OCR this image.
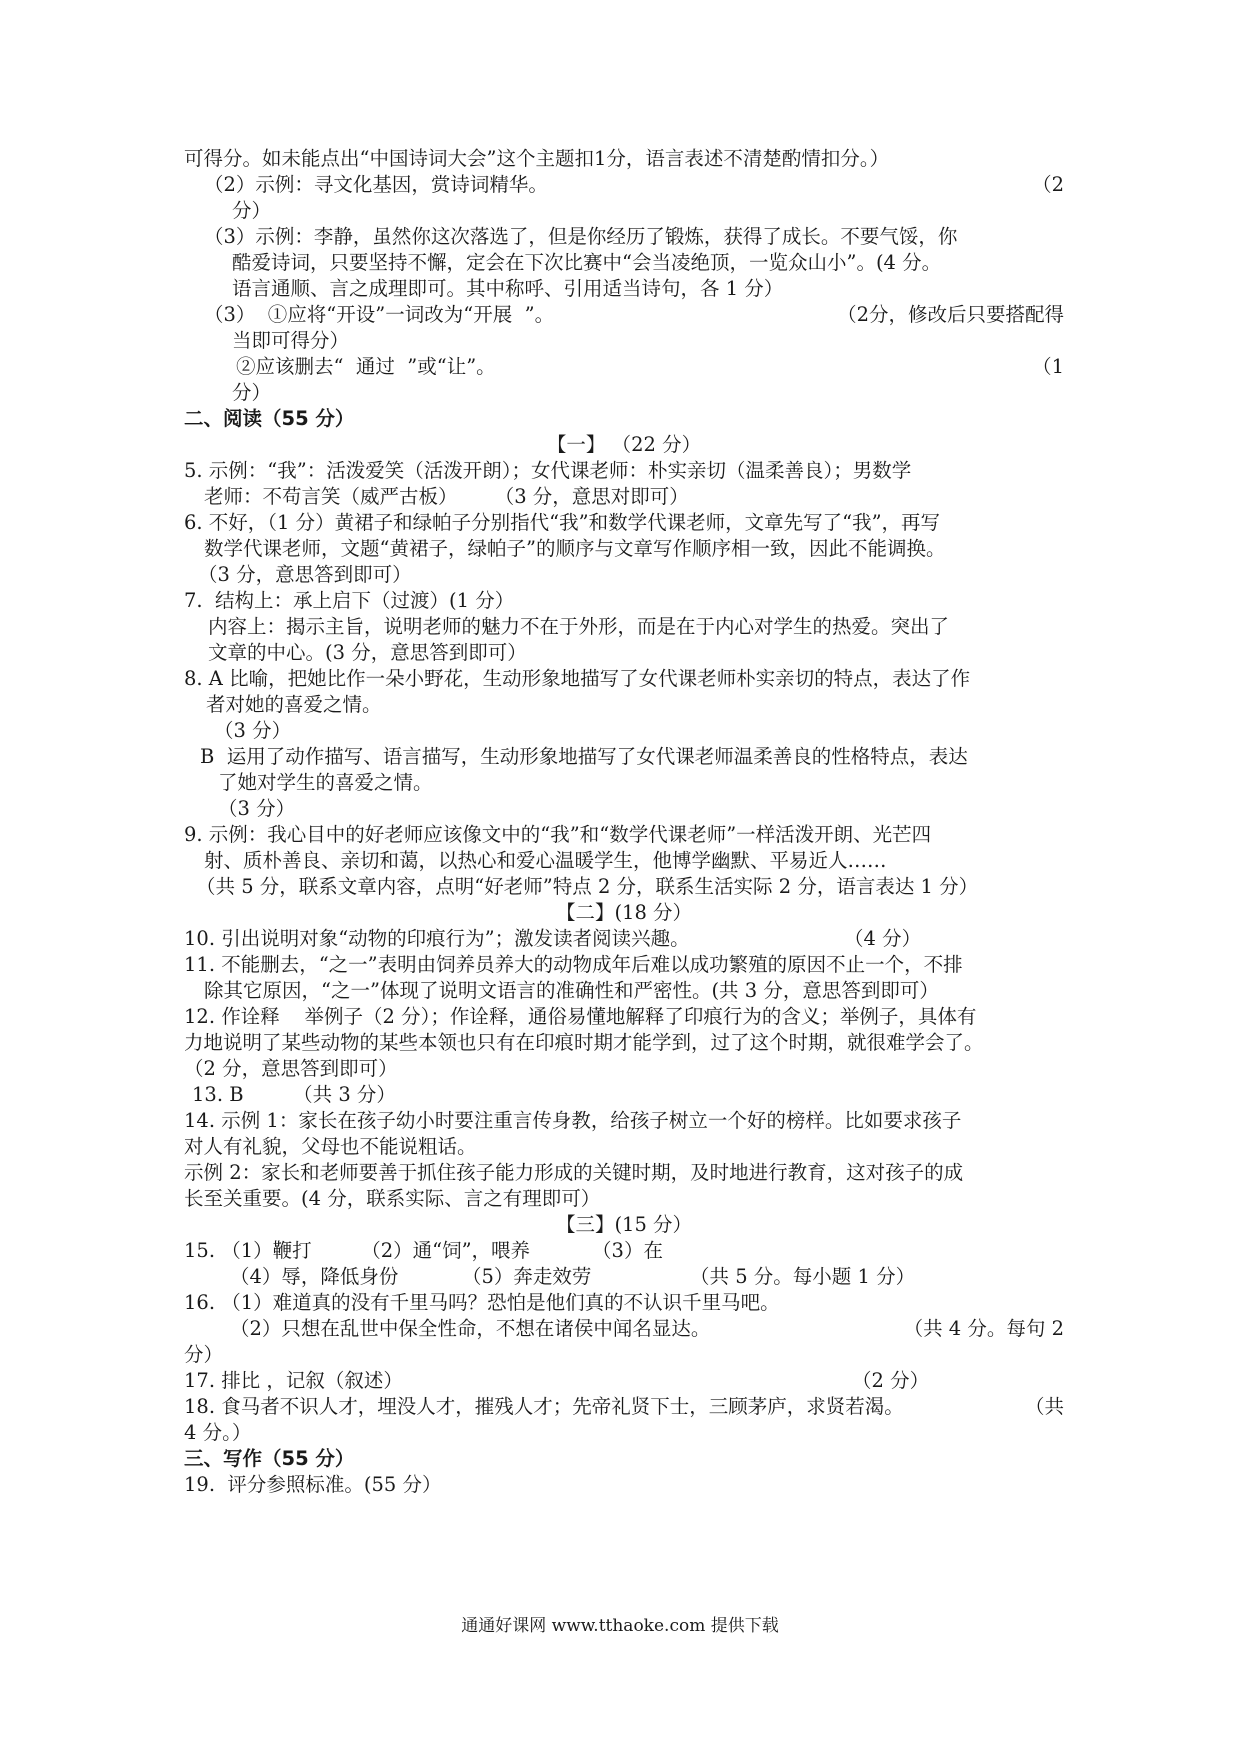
可得分。如未能点出“中国诗词大会”这个主题扣1分，语言表述不清楚酌情扣分。）
（2）示例：寻文化基因，赏诗词精华。	（2
分）
（3）示例：李静，虽然你这次落选了，但是你经历了锻炼，获得了成长。不要气馁，你
酷爱诗词，只要坚持不懈，定会在下次比赛中“会当凌绝顶，一览众山小”。(4 分。
语言通顺、言之成理即可。其中称呼、引用适当诗句，各 1 分）
（3）  ①应将“开设”一词改为“开展  ”。	（2分，修改后只要搭配得
当即可得分）
②应该删去“  通过  ”或“让”。	（1
分）
二、阅读（55 分）
【一】 （22 分）
5. 示例：“我”：活泼爱笑（活泼开朗）；女代课老师：朴实亲切（温柔善良）；男数学
老师：不苟言笑（威严古板）      （3 分，意思对即可）
6. 不好，（1 分）黄裙子和绿帕子分别指代“我”和数学代课老师，文章先写了“我”，再写
数学代课老师，文题“黄裙子，绿帕子”的顺序与文章写作顺序相一致，因此不能调换。
（3 分，意思答到即可）
7.  结构上：承上启下（过渡）(1 分）
内容上：揭示主旨，说明老师的魅力不在于外形，而是在于内心对学生的热爱。突出了
文章的中心。(3 分，意思答到即可）
8. A 比喻，把她比作一朵小野花，生动形象地描写了女代课老师朴实亲切的特点，表达了作
者对她的喜爱之情。
（3 分）
B  运用了动作描写、语言描写，生动形象地描写了女代课老师温柔善良的性格特点，表达
了她对学生的喜爱之情。
（3 分）
9. 示例：我心目中的好老师应该像文中的“我”和“数学代课老师”一样活泼开朗、光芒四
射、质朴善良、亲切和蔼，以热心和爱心温暖学生，他博学幽默、平易近人……
（共 5 分，联系文章内容，点明“好老师”特点 2 分，联系生活实际 2 分，语言表达 1 分）
【二】(18 分）
10. 引出说明对象“动物的印痕行为”；激发读者阅读兴趣。	（4 分）
11. 不能删去，“之一”表明由饲养员养大的动物成年后难以成功繁殖的原因不止一个，不排
除其它原因，“之一”体现了说明文语言的准确性和严密性。(共 3 分，意思答到即可）
12. 作诠释    举例子（2 分）；作诠释，通俗易懂地解释了印痕行为的含义；举例子，具体有
力地说明了某些动物的某些本领也只有在印痕时期才能学到，过了这个时期，就很难学会了。
（2 分，意思答到即可）
13. B        （共 3 分）
14. 示例 1：家长在孩子幼小时要注重言传身教，给孩子树立一个好的榜样。比如要求孩子
对人有礼貌，父母也不能说粗话。
示例 2：家长和老师要善于抓住孩子能力形成的关键时期，及时地进行教育，这对孩子的成
长至关重要。(4 分，联系实际、言之有理即可）
【三】(15 分）
15. （1）鞭打        （2）通“饲”，喂养          （3）在
（4）辱，降低身份	（5）奔走效劳	（共 5 分。每小题 1 分）
16. （1）难道真的没有千里马吗？恐怕是他们真的不认识千里马吧。
（2）只想在乱世中保全性命，不想在诸侯中闻名显达。	（共 4 分。每句 2
分）
17. 排比 ，记叙（叙述）	（2 分）
18. 食马者不识人才，埋没人才，摧残人才；先帝礼贤下士，三顾茅庐，求贤若渴。	（共
4 分。）
三、写作（55 分）
19.  评分参照标准。(55 分）
通通好课网 www.tthaoke.com 提供下载
